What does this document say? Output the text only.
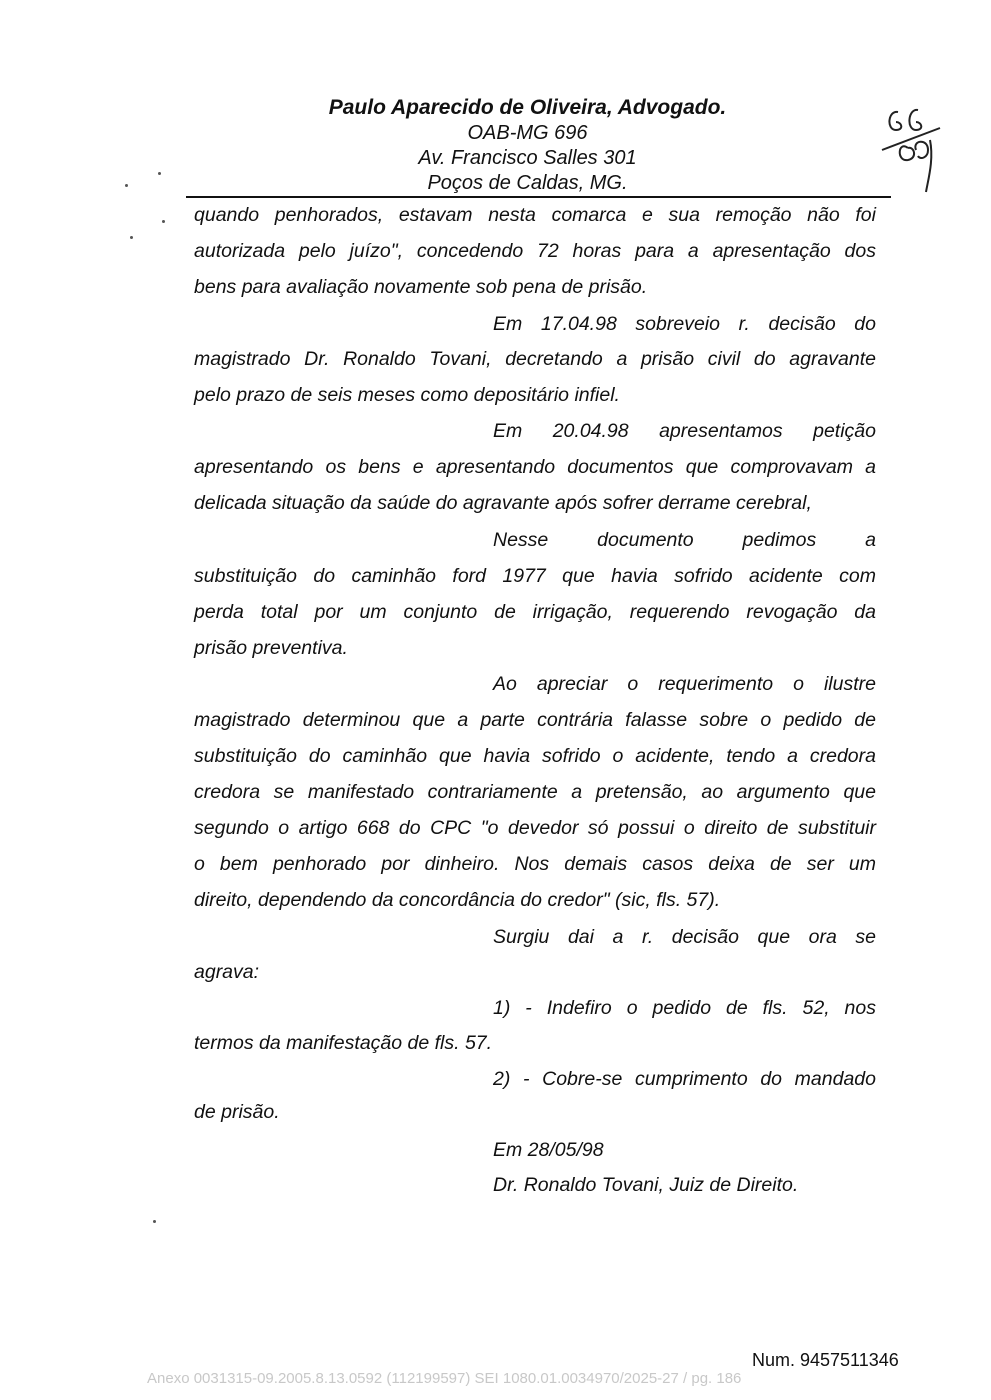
Paulo Aparecido de Oliveira, Advogado.
OAB-MG 696
Av. Francisco Salles 301
Poços de Caldas, MG.
quando penhorados, estavam nesta comarca e sua remoção não foi
autorizada pelo juízo", concedendo 72 horas para a apresentação dos
bens para avaliação novamente sob pena de prisão.
Em 17.04.98 sobreveio r. decisão do
magistrado Dr. Ronaldo Tovani, decretando a prisão civil do agravante
pelo prazo de seis meses como depositário infiel.
Em 20.04.98 apresentamos petição
apresentando os bens e apresentando documentos que comprovavam a
delicada situação da saúde do agravante após sofrer derrame cerebral,
Nesse documento pedimos a
substituição do caminhão ford 1977 que havia sofrido acidente com
perda total por um conjunto de irrigação, requerendo revogação da
prisão preventiva.
Ao apreciar o requerimento o ilustre
magistrado determinou que a parte contrária falasse sobre o pedido de
substituição do caminhão que havia sofrido o acidente, tendo a credora
credora se manifestado contrariamente a pretensão, ao argumento que
segundo o artigo 668 do CPC "o devedor só possui o direito de substituir
o bem penhorado por dinheiro. Nos demais casos deixa de ser um
direito, dependendo da concordância do credor" (sic, fls. 57).
Surgiu dai a r. decisão que ora se
agrava:
1) - Indefiro o pedido de fls. 52, nos
termos da manifestação de fls. 57.
2) - Cobre-se cumprimento do mandado
de prisão.
Em 28/05/98
Dr. Ronaldo Tovani, Juiz de Direito.
Num. 9457511346
Anexo 0031315-09.2005.8.13.0592 (112199597) SEI 1080.01.0034970/2025-27 / pg. 186
